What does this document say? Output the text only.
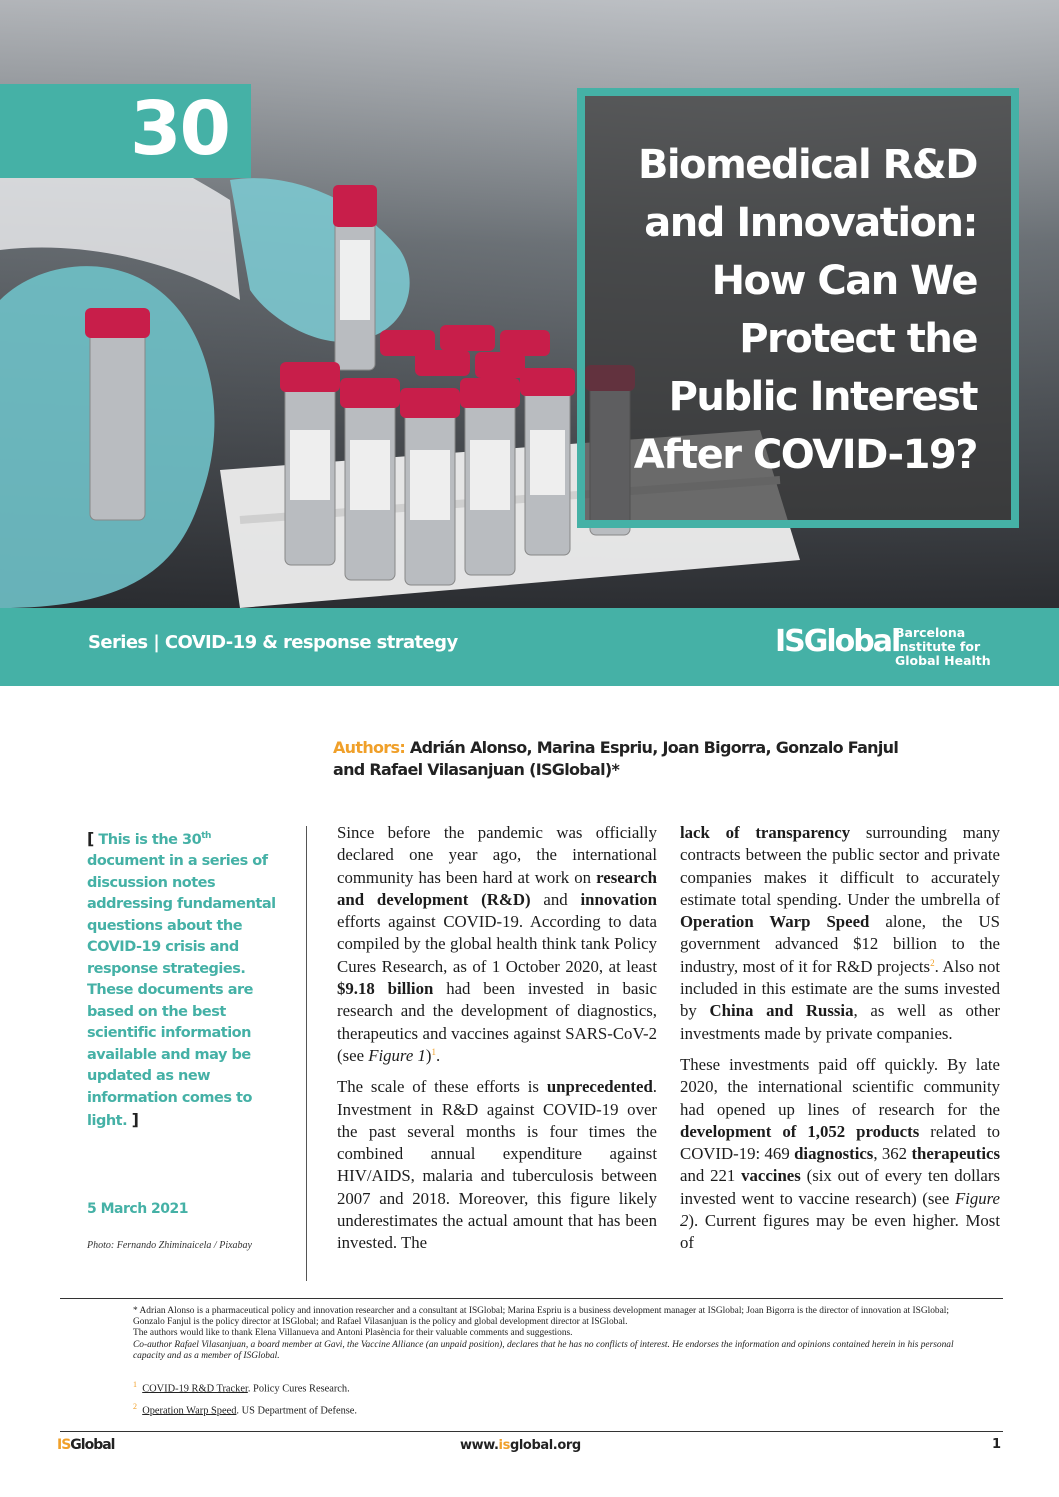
30	Biomedical R&D
and Innovation:
How Can We
Protect the
Public Interest
After COVID-19?
Series | COVID-19 & response strategy	ISGlobal
Barcelona
Institute for
Global Health
Authors: Adrián Alonso, Marina Espriu, Joan Bigorra, Gonzalo Fanjul
and Rafael Vilasanjuan (ISGlobal)*
[ This is the 30th document in a series of discussion notes addressing fundamental questions about the COVID-19 crisis and response strategies. These documents are based on the best scientific information available and may be updated as new information comes to light. ]
5 March 2021
Photo: Fernando Zhiminaicela / Pixabay

Since before the pandemic was officially declared one year ago, the international community has been hard at work on research and development (R&D) and innovation efforts against COVID-19. According to data compiled by the global health think tank Policy Cures Research, as of 1 October 2020, at least $9.18 billion had been invested in basic research and the development of diagnostics, therapeutics and vaccines against SARS-CoV-2 (see Figure 1)$^1$.

The scale of these efforts is unprecedented. Investment in R&D against COVID-19 over the past several months is four times the combined annual expenditure against HIV/AIDS, malaria and tuberculosis between 2007 and 2018. Moreover, this figure likely underestimates the actual amount that has been invested. The

lack of transparency surrounding many contracts between the public sector and private companies makes it difficult to accurately estimate total spending. Under the umbrella of Operation Warp Speed alone, the US government advanced $12 billion to the industry, most of it for R&D projects$^2$. Also not included in this estimate are the sums invested by China and Russia, as well as other investments made by private companies.

These investments paid off quickly. By late 2020, the international scientific community had opened up lines of research for the development of 1,052 products related to COVID-19: 469 diagnostics, 362 therapeutics and 221 vaccines (six out of every ten dollars invested went to vaccine research) (see Figure 2). Current figures may be even higher. Most of

* Adrian Alonso is a pharmaceutical policy and innovation researcher and a consultant at ISGlobal; Marina Espriu is a business development manager at ISGlobal; Joan Bigorra is the director of innovation at ISGlobal; Gonzalo Fanjul is the policy director at ISGlobal; and Rafael Vilasanjuan is the policy and global development director at ISGlobal.
The authors would like to thank Elena Villanueva and Antoni Plasència for their valuable comments and suggestions.
Co-author Rafael Vilasanjuan, a board member at Gavi, the Vaccine Alliance (an unpaid position), declares that he has no conflicts of interest. He endorses the information and opinions contained herein in his personal capacity and as a member of ISGlobal.
$^1$ COVID-19 R&D Tracker. Policy Cures Research.
$^2$ Operation Warp Speed. US Department of Defense.
ISGlobal	www.isglobal.org	1
